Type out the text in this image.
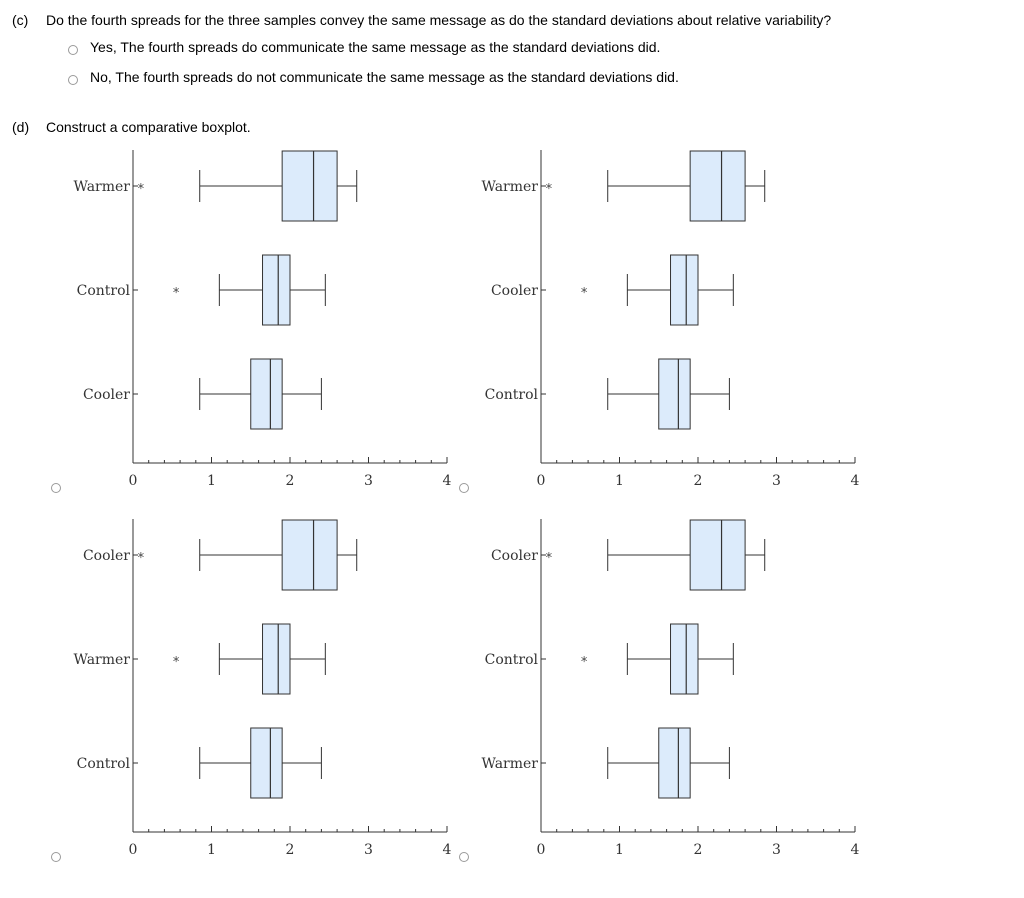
(c) Do the fourth spreads for the three samples convey the same message as do the standard deviations about relative variability?
Yes, The fourth spreads do communicate the same message as the standard deviations did.
No, The fourth spreads do not communicate the same message as the standard deviations did.
(d) Construct a comparative boxplot.
0	1	2	3	4
Warmer *
Control	*
Cooler
0	1	2	3	4
Warmer *
Cooler	*
Control
0	1	2	3	4
Cooler *
Warmer	*
Control
0	1	2	3	4
Cooler *
Control	*
Warmer
